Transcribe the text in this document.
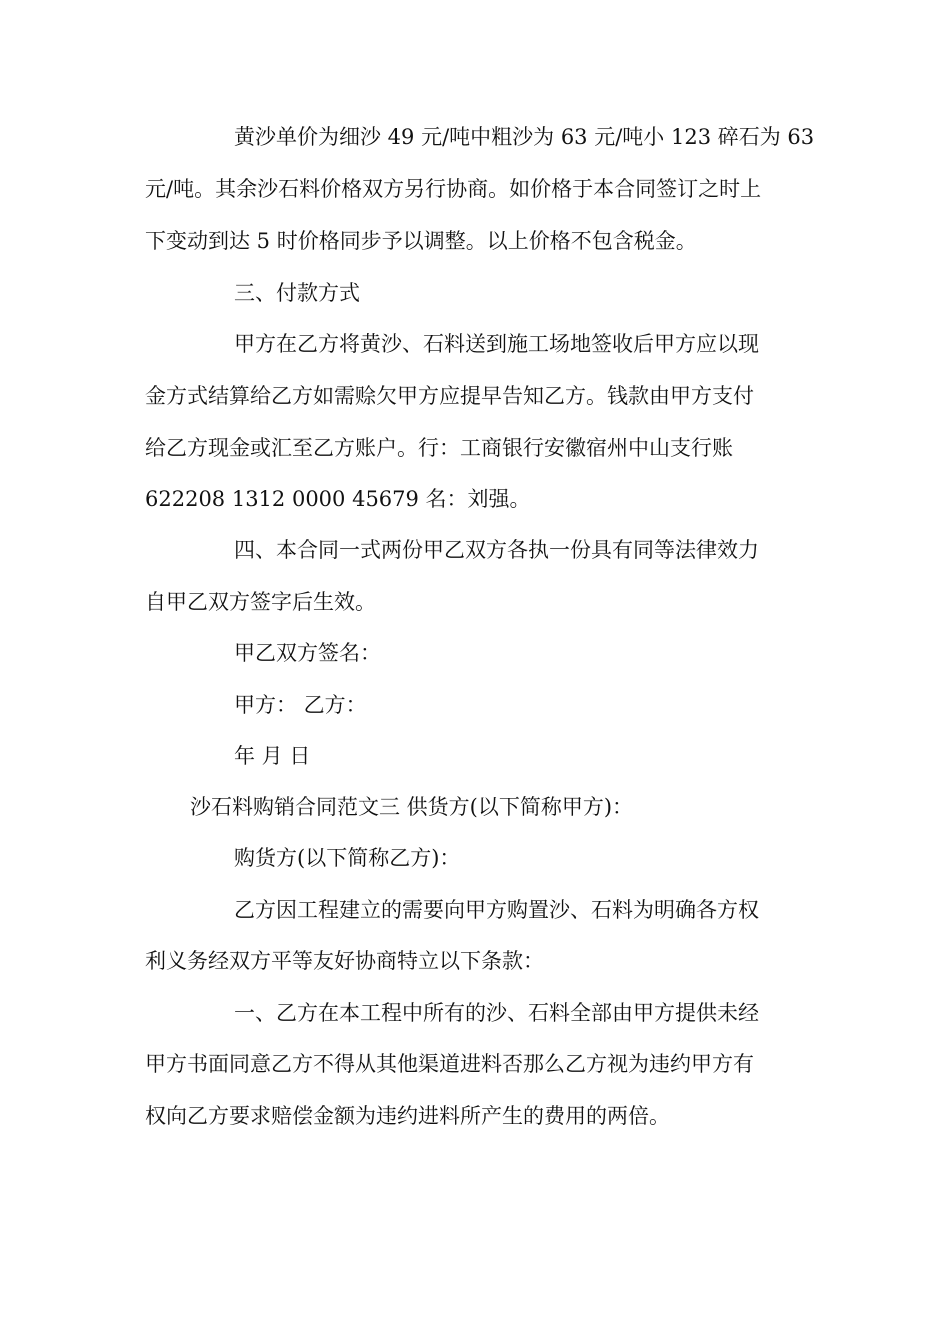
黄沙单价为细沙 49 元/吨中粗沙为 63 元/吨小 123 碎石为 63
元/吨。其余沙石料价格双方另行协商。如价格于本合同签订之时上
下变动到达 5 时价格同步予以调整。以上价格不包含税金。
三、付款方式
甲方在乙方将黄沙、石料送到施工场地签收后甲方应以现
金方式结算给乙方如需赊欠甲方应提早告知乙方。钱款由甲方支付
给乙方现金或汇至乙方账户。行：工商银行安徽宿州中山支行账
622208 1312 0000 45679 名：刘强。
四、本合同一式两份甲乙双方各执一份具有同等法律效力
自甲乙双方签字后生效。
甲乙双方签名：
甲方： 乙方：
年 月 日
沙石料购销合同范文三 供货方(以下简称甲方)：
购货方(以下简称乙方)：
乙方因工程建立的需要向甲方购置沙、石料为明确各方权
利义务经双方平等友好协商特立以下条款：
一、乙方在本工程中所有的沙、石料全部由甲方提供未经
甲方书面同意乙方不得从其他渠道进料否那么乙方视为违约甲方有
权向乙方要求赔偿金额为违约进料所产生的费用的两倍。
